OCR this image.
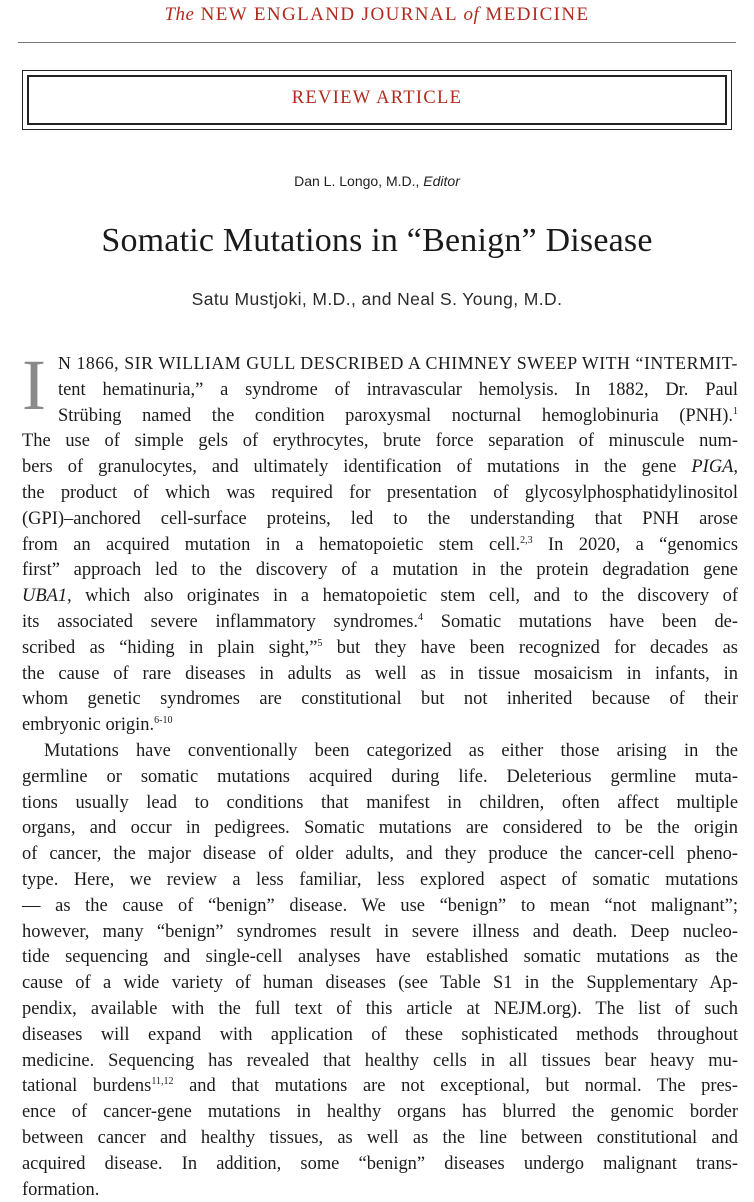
The NEW ENGLAND JOURNAL of MEDICINE
REVIEW ARTICLE
Dan L. Longo, M.D., Editor
Somatic Mutations in “Benign” Disease
Satu Mustjoki, M.D., and Neal S. Young, M.D.
I N 1866, SIR WILLIAM GULL DESCRIBED A CHIMNEY SWEEP WITH “INTERMIT-
tent hematinuria,” a syndrome of intravascular hemolysis. In 1882, Dr. Paul
Strübing named the condition paroxysmal nocturnal hemoglobinuria (PNH).$^1$
The use of simple gels of erythrocytes, brute force separation of minuscule num-
bers of granulocytes, and ultimately identification of mutations in the gene PIGA,
the product of which was required for presentation of glycosylphosphatidylinositol
(GPI)–anchored cell-surface proteins, led to the understanding that PNH arose
from an acquired mutation in a hematopoietic stem cell.$^{2,3}$ In 2020, a “genomics
first” approach led to the discovery of a mutation in the protein degradation gene
UBA1, which also originates in a hematopoietic stem cell, and to the discovery of
its associated severe inflammatory syndromes.$^4$ Somatic mutations have been de-
scribed as “hiding in plain sight,”$^5$ but they have been recognized for decades as
the cause of rare diseases in adults as well as in tissue mosaicism in infants, in
whom genetic syndromes are constitutional but not inherited because of their
embryonic origin.$^{6-10}$
Mutations have conventionally been categorized as either those arising in the
germline or somatic mutations acquired during life. Deleterious germline muta-
tions usually lead to conditions that manifest in children, often affect multiple
organs, and occur in pedigrees. Somatic mutations are considered to be the origin
of cancer, the major disease of older adults, and they produce the cancer-cell pheno-
type. Here, we review a less familiar, less explored aspect of somatic mutations
— as the cause of “benign” disease. We use “benign” to mean “not malignant”;
however, many “benign” syndromes result in severe illness and death. Deep nucleo-
tide sequencing and single-cell analyses have established somatic mutations as the
cause of a wide variety of human diseases (see Table S1 in the Supplementary Ap-
pendix, available with the full text of this article at NEJM.org). The list of such
diseases will expand with application of these sophisticated methods throughout
medicine. Sequencing has revealed that healthy cells in all tissues bear heavy mu-
tational burdens$^{11,12}$ and that mutations are not exceptional, but normal. The pres-
ence of cancer-gene mutations in healthy organs has blurred the genomic border
between cancer and healthy tissues, as well as the line between constitutional and
acquired disease. In addition, some “benign” diseases undergo malignant trans-
formation.
